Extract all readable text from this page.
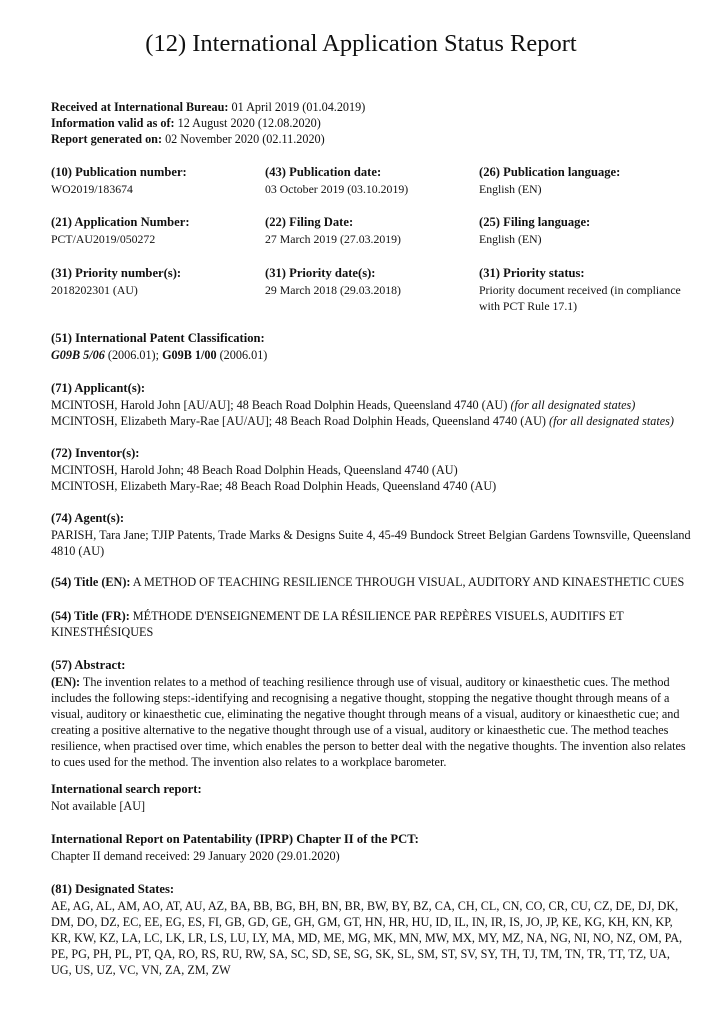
(12) International Application Status Report
Received at International Bureau: 01 April 2019 (01.04.2019)
Information valid as of: 12 August 2020 (12.08.2020)
Report generated on: 02 November 2020 (02.11.2020)
(10) Publication number:
WO2019/183674
(43) Publication date:
03 October 2019 (03.10.2019)
(26) Publication language:
English (EN)
(21) Application Number:
PCT/AU2019/050272
(22) Filing Date:
27 March 2019 (27.03.2019)
(25) Filing language:
English (EN)
(31) Priority number(s):
2018202301 (AU)
(31) Priority date(s):
29 March 2018 (29.03.2018)
(31) Priority status:
Priority document received (in compliance with PCT Rule 17.1)
(51) International Patent Classification:
G09B 5/06 (2006.01); G09B 1/00 (2006.01)
(71) Applicant(s):
MCINTOSH, Harold John [AU/AU]; 48 Beach Road Dolphin Heads, Queensland 4740 (AU) (for all designated states)
MCINTOSH, Elizabeth Mary-Rae [AU/AU]; 48 Beach Road Dolphin Heads, Queensland 4740 (AU) (for all designated states)
(72) Inventor(s):
MCINTOSH, Harold John; 48 Beach Road Dolphin Heads, Queensland 4740 (AU)
MCINTOSH, Elizabeth Mary-Rae; 48 Beach Road Dolphin Heads, Queensland 4740 (AU)
(74) Agent(s):
PARISH, Tara Jane; TJIP Patents, Trade Marks & Designs Suite 4, 45-49 Bundock Street Belgian Gardens Townsville, Queensland 4810 (AU)
(54) Title (EN): A METHOD OF TEACHING RESILIENCE THROUGH VISUAL, AUDITORY AND KINAESTHETIC CUES
(54) Title (FR): MÉTHODE D'ENSEIGNEMENT DE LA RÉSILIENCE PAR REPÈRES VISUELS, AUDITIFS ET KINESTHÉSIQUES
(57) Abstract:
(EN): The invention relates to a method of teaching resilience through use of visual, auditory or kinaesthetic cues. The method includes the following steps:-identifying and recognising a negative thought, stopping the negative thought through means of a visual, auditory or kinaesthetic cue, eliminating the negative thought through means of a visual, auditory or kinaesthetic cue; and creating a positive alternative to the negative thought through use of a visual, auditory or kinaesthetic cue. The method teaches resilience, when practised over time, which enables the person to better deal with the negative thoughts. The invention also relates to cues used for the method. The invention also relates to a workplace barometer.
International search report:
Not available [AU]
International Report on Patentability (IPRP) Chapter II of the PCT:
Chapter II demand received: 29 January 2020 (29.01.2020)
(81) Designated States:
AE, AG, AL, AM, AO, AT, AU, AZ, BA, BB, BG, BH, BN, BR, BW, BY, BZ, CA, CH, CL, CN, CO, CR, CU, CZ, DE, DJ, DK, DM, DO, DZ, EC, EE, EG, ES, FI, GB, GD, GE, GH, GM, GT, HN, HR, HU, ID, IL, IN, IR, IS, JO, JP, KE, KG, KH, KN, KP, KR, KW, KZ, LA, LC, LK, LR, LS, LU, LY, MA, MD, ME, MG, MK, MN, MW, MX, MY, MZ, NA, NG, NI, NO, NZ, OM, PA, PE, PG, PH, PL, PT, QA, RO, RS, RU, RW, SA, SC, SD, SE, SG, SK, SL, SM, ST, SV, SY, TH, TJ, TM, TN, TR, TT, TZ, UA, UG, US, UZ, VC, VN, ZA, ZM, ZW
